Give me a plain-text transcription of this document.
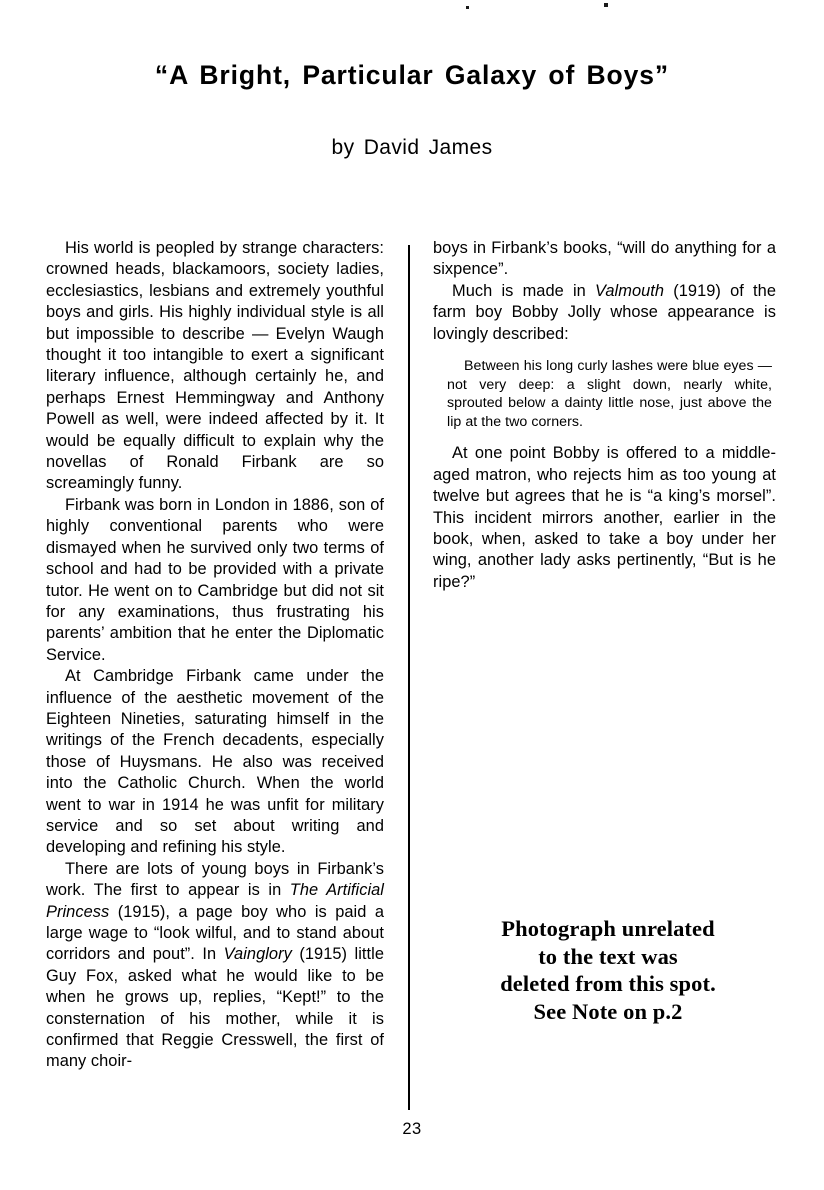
“A Bright, Particular Galaxy of Boys”
by David James

His world is peopled by strange characters: crowned heads, blackamoors, society ladies, ecclesiastics, lesbians and extremely youthful boys and girls. His highly individual style is all but impossible to describe — Evelyn Waugh thought it too intangible to exert a significant literary influence, although certainly he, and perhaps Ernest Hemmingway and Anthony Powell as well, were indeed affected by it. It would be equally difficult to explain why the novellas of Ronald Firbank are so screamingly funny.

Firbank was born in London in 1886, son of highly conventional parents who were dismayed when he survived only two terms of school and had to be provided with a private tutor. He went on to Cambridge but did not sit for any examinations, thus frustrating his parents’ ambition that he enter the Diplomatic Service.

At Cambridge Firbank came under the influence of the aesthetic movement of the Eighteen Nineties, saturating himself in the writings of the French decadents, especially those of Huysmans. He also was received into the Catholic Church. When the world went to war in 1914 he was unfit for military service and so set about writing and developing and refining his style.

There are lots of young boys in Firbank’s work. The first to appear is in The Artificial Princess (1915), a page boy who is paid a large wage to “look wilful, and to stand about corridors and pout”. In Vainglory (1915) little Guy Fox, asked what he would like to be when he grows up, replies, “Kept!” to the consternation of his mother, while it is confirmed that Reggie Cresswell, the first of many choir-

boys in Firbank’s books, “will do anything for a sixpence”.

Much is made in Valmouth (1919) of the farm boy Bobby Jolly whose appearance is lovingly described:

Between his long curly lashes were blue eyes — not very deep: a slight down, nearly white, sprouted below a dainty little nose, just above the lip at the two corners.

At one point Bobby is offered to a middle-aged matron, who rejects him as too young at twelve but agrees that he is “a king’s morsel”. This incident mirrors another, earlier in the book, when, asked to take a boy under her wing, another lady asks pertinently, “But is he ripe?”

Photograph unrelated
to the text was
deleted from this spot.
See Note on p.2
23
